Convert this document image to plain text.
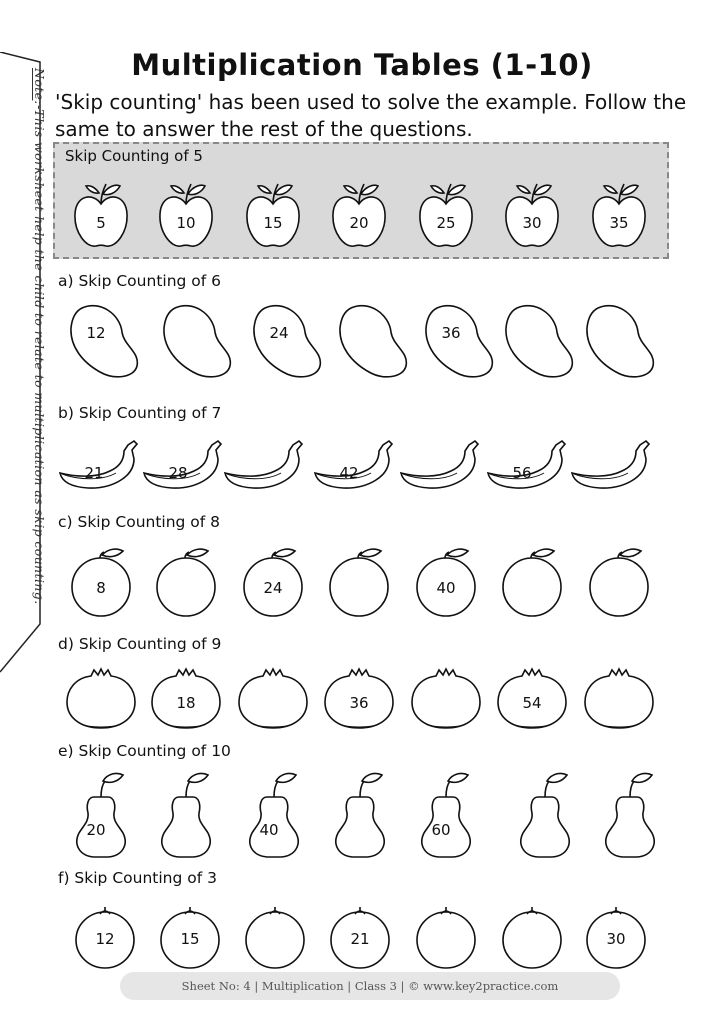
Note:-This worksheet help the child to relate to multiplication as skip counting.
Multiplication Tables (1-10)
'Skip counting' has been used to solve the example. Follow the same to answer the rest of the questions.
Skip Counting of 5
5	10	15	20	25	30	35
a) Skip Counting of 6
12	24	36
b) Skip Counting of 7
21	28	42	56
c) Skip Counting of 8
8	24	40
d) Skip Counting of 9
18	36	54
e) Skip Counting of 10
20	40	60
f) Skip Counting of 3
12	15	21	30
Sheet No: 4 | Multiplication | Class 3 | © www.key2practice.com
